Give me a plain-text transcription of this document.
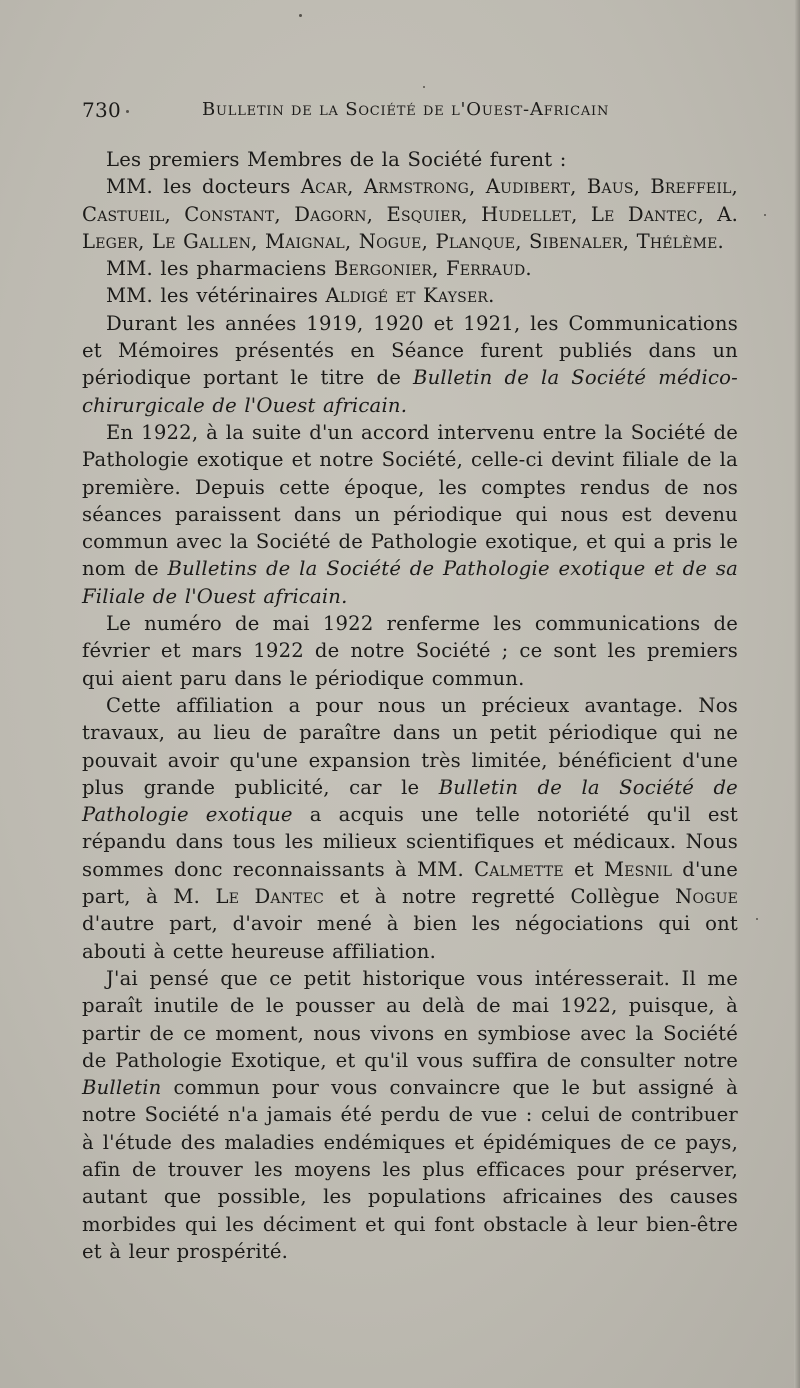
730	Bulletin de la Société de l'Ouest-Africain

Les premiers Membres de la Société furent :

MM. les docteurs Acar, Armstrong, Audibert, Baus, Breffeil, Castueil, Constant, Dagorn, Esquier, Hudellet, Le Dantec, A. Leger, Le Gallen, Maignal, Nogue, Planque, Sibenaler, Thélème.

MM. les pharmaciens Bergonier, Ferraud.

MM. les vétérinaires Aldigé et Kayser.

Durant les années 1919, 1920 et 1921, les Communications et Mémoires présentés en Séance furent publiés dans un périodique portant le titre de Bulletin de la Société médico-chirurgicale de l'Ouest africain.

En 1922, à la suite d'un accord intervenu entre la Société de Pathologie exotique et notre Société, celle-ci devint filiale de la première. Depuis cette époque, les comptes rendus de nos séances paraissent dans un périodique qui nous est devenu commun avec la Société de Pathologie exotique, et qui a pris le nom de Bulletins de la Société de Pathologie exotique et de sa Filiale de l'Ouest africain.

Le numéro de mai 1922 renferme les communications de février et mars 1922 de notre Société ; ce sont les premiers qui aient paru dans le périodique commun.

Cette affiliation a pour nous un précieux avantage. Nos travaux, au lieu de paraître dans un petit périodique qui ne pouvait avoir qu'une expansion très limitée, bénéficient d'une plus grande publicité, car le Bulletin de la Société de Pathologie exotique a acquis une telle notoriété qu'il est répandu dans tous les milieux scientifiques et médicaux. Nous sommes donc reconnaissants à MM. Calmette et Mesnil d'une part, à M. Le Dantec et à notre regretté Collègue Nogue d'autre part, d'avoir mené à bien les négociations qui ont abouti à cette heureuse affiliation.

J'ai pensé que ce petit historique vous intéresserait. Il me paraît inutile de le pousser au delà de mai 1922, puisque, à partir de ce moment, nous vivons en symbiose avec la Société de Pathologie Exotique, et qu'il vous suffira de consulter notre Bulletin commun pour vous convaincre que le but assigné à notre Société n'a jamais été perdu de vue : celui de contribuer à l'étude des maladies endémiques et épidémiques de ce pays, afin de trouver les moyens les plus efficaces pour préserver, autant que possible, les populations africaines des causes morbides qui les déciment et qui font obstacle à leur bien-être et à leur prospérité.
